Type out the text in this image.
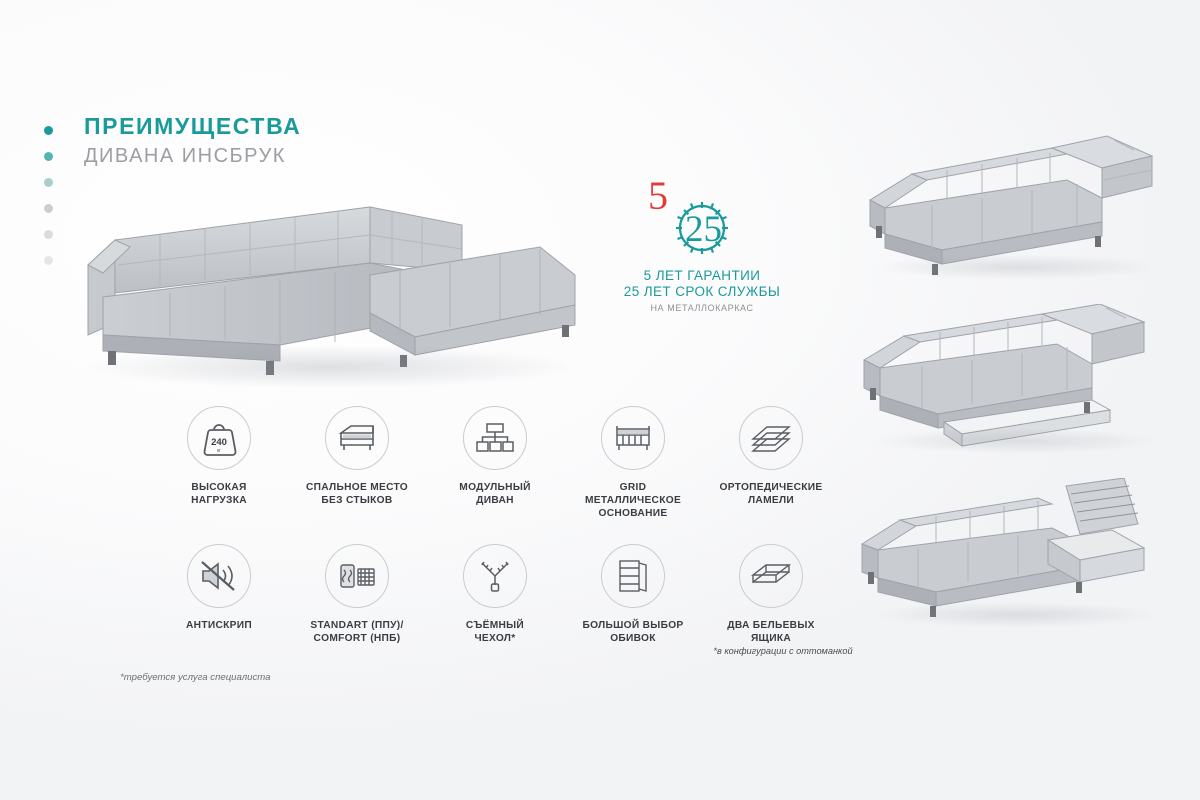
ПРЕИМУЩЕСТВА
ДИВАНА ИНСБРУК
5
25
5 ЛЕТ ГАРАНТИИ
25 ЛЕТ СРОК СЛУЖБЫ
НА МЕТАЛЛОКАРКАС
240
кг
ВЫСОКАЯ
НАГРУЗКА
СПАЛЬНОЕ МЕСТО
БЕЗ СТЫКОВ
МОДУЛЬНЫЙ
ДИВАН
GRID
МЕТАЛЛИЧЕСКОЕ
ОСНОВАНИЕ
ОРТОПЕДИЧЕСКИЕ
ЛАМЕЛИ
АНТИСКРИП	STANDART (ППУ)/
COMFORT (НПБ)
СЪЁМНЫЙ
ЧЕХОЛ*
БОЛЬШОЙ ВЫБОР
ОБИВОК
ДВА БЕЛЬЕВЫХ
ЯЩИКА
*в конфигурации с оттоманкой
*требуется услуга специалиста
